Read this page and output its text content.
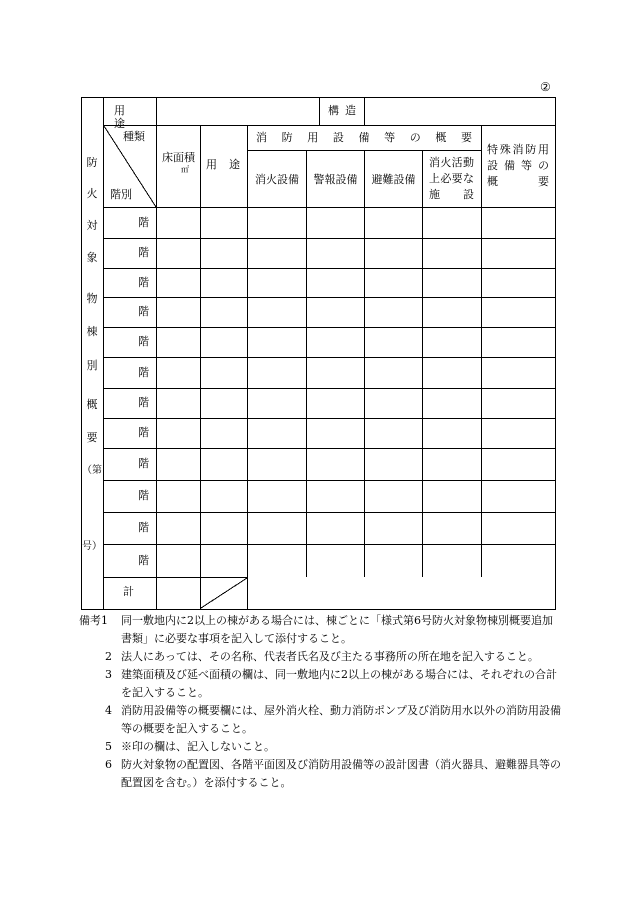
②
用　途
構造
種類
階別
床面積
㎡ 用　途
消 防 用 設 備 等 の 概 要
消火設備	警報設備	避難設備
消火活動
上必要な
施　　設
特殊消防用
設備等の
概　　要
防
火
対
象
物
棟
別
概
要
（第
号）
階
階
階
階
階
階
階
階
階
階
階
階
計
備考1 同一敷地内に2以上の棟がある場合には、棟ごとに「様式第6号防火対象物棟別概要追加書類」に必要な事項を記入して添付すること。
2 法人にあっては、その名称、代表者氏名及び主たる事務所の所在地を記入すること。
3 建築面積及び延べ面積の欄は、同一敷地内に2以上の棟がある場合には、それぞれの合計を記入すること。
4 消防用設備等の概要欄には、屋外消火栓、動力消防ポンプ及び消防用水以外の消防用設備等の概要を記入すること。
5 ※印の欄は、記入しないこと。
6 防火対象物の配置図、各階平面図及び消防用設備等の設計図書（消火器具、避難器具等の配置図を含む。）を添付すること。
